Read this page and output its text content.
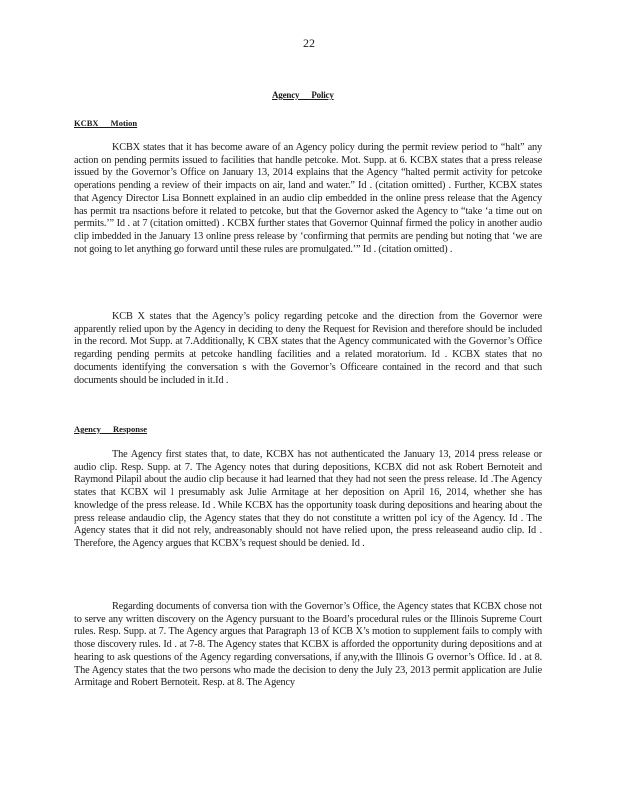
22
Agency Policy
KCBX Motion

KCBX states that it has become aware of an Agency policy during the permit review period to “halt” any action on pending permits issued to facilities that handle petcoke. Mot. Supp. at 6. KCBX states that a press release issued by the Governor’s Office on January 13, 2014 explains that the Agency “halted permit activity for petcoke operations pending a review of their impacts on air, land and water.” Id . (citation omitted) . Further, KCBX states that Agency Director Lisa Bonnett explained in an audio clip embedded in the online press release that the Agency has permit tra nsactions before it related to petcoke, but that the Governor asked the Agency to “take ‘a time out on permits.’” Id . at 7 (citation omitted) . KCBX further states that Governor Quinnaf firmed the policy in another audio clip imbedded in the January 13 online press release by ‘confirming that permits are pending but noting that ‘we are not going to let anything go forward until these rules are promulgated.’” Id . (citation omitted) .

KCB X states that the Agency’s policy regarding petcoke and the direction from the Governor were apparently relied upon by the Agency in deciding to deny the Request for Revision and therefore should be included in the record. Mot Supp. at 7.Additionally, K CBX states that the Agency communicated with the Governor’s Office regarding pending permits at petcoke handling facilities and a related moratorium. Id . KCBX states that no documents identifying the conversation s with the Governor’s Officeare contained in the record and that such documents should be included in it.Id .

Agency Response

The Agency first states that, to date, KCBX has not authenticated the January 13, 2014 press release or audio clip. Resp. Supp. at 7. The Agency notes that during depositions, KCBX did not ask Robert Bernoteit and Raymond Pilapil about the audio clip because it had learned that they had not seen the press release. Id .The Agency states that KCBX wil l presumably ask Julie Armitage at her deposition on April 16, 2014, whether she has knowledge of the press release. Id . While KCBX has the opportunity toask during depositions and hearing about the press release andaudio clip, the Agency states that they do not constitute a written pol icy of the Agency. Id . The Agency states that it did not rely, andreasonably should not have relied upon, the press releaseand audio clip. Id . Therefore, the Agency argues that KCBX’s request should be denied. Id .

Regarding documents of conversa tion with the Governor’s Office, the Agency states that KCBX chose not to serve any written discovery on the Agency pursuant to the Board’s procedural rules or the Illinois Supreme Court rules. Resp. Supp. at 7. The Agency argues that Paragraph 13 of KCB X’s motion to supplement fails to comply with those discovery rules. Id . at 7-8. The Agency states that KCBX is afforded the opportunity during depositions and at hearing to ask questions of the Agency regarding conversations, if any,with the Illinois G overnor’s Office. Id . at 8. The Agency states that the two persons who made the decision to deny the July 23, 2013 permit application are Julie Armitage and Robert Bernoteit. Resp. at 8. The Agency
